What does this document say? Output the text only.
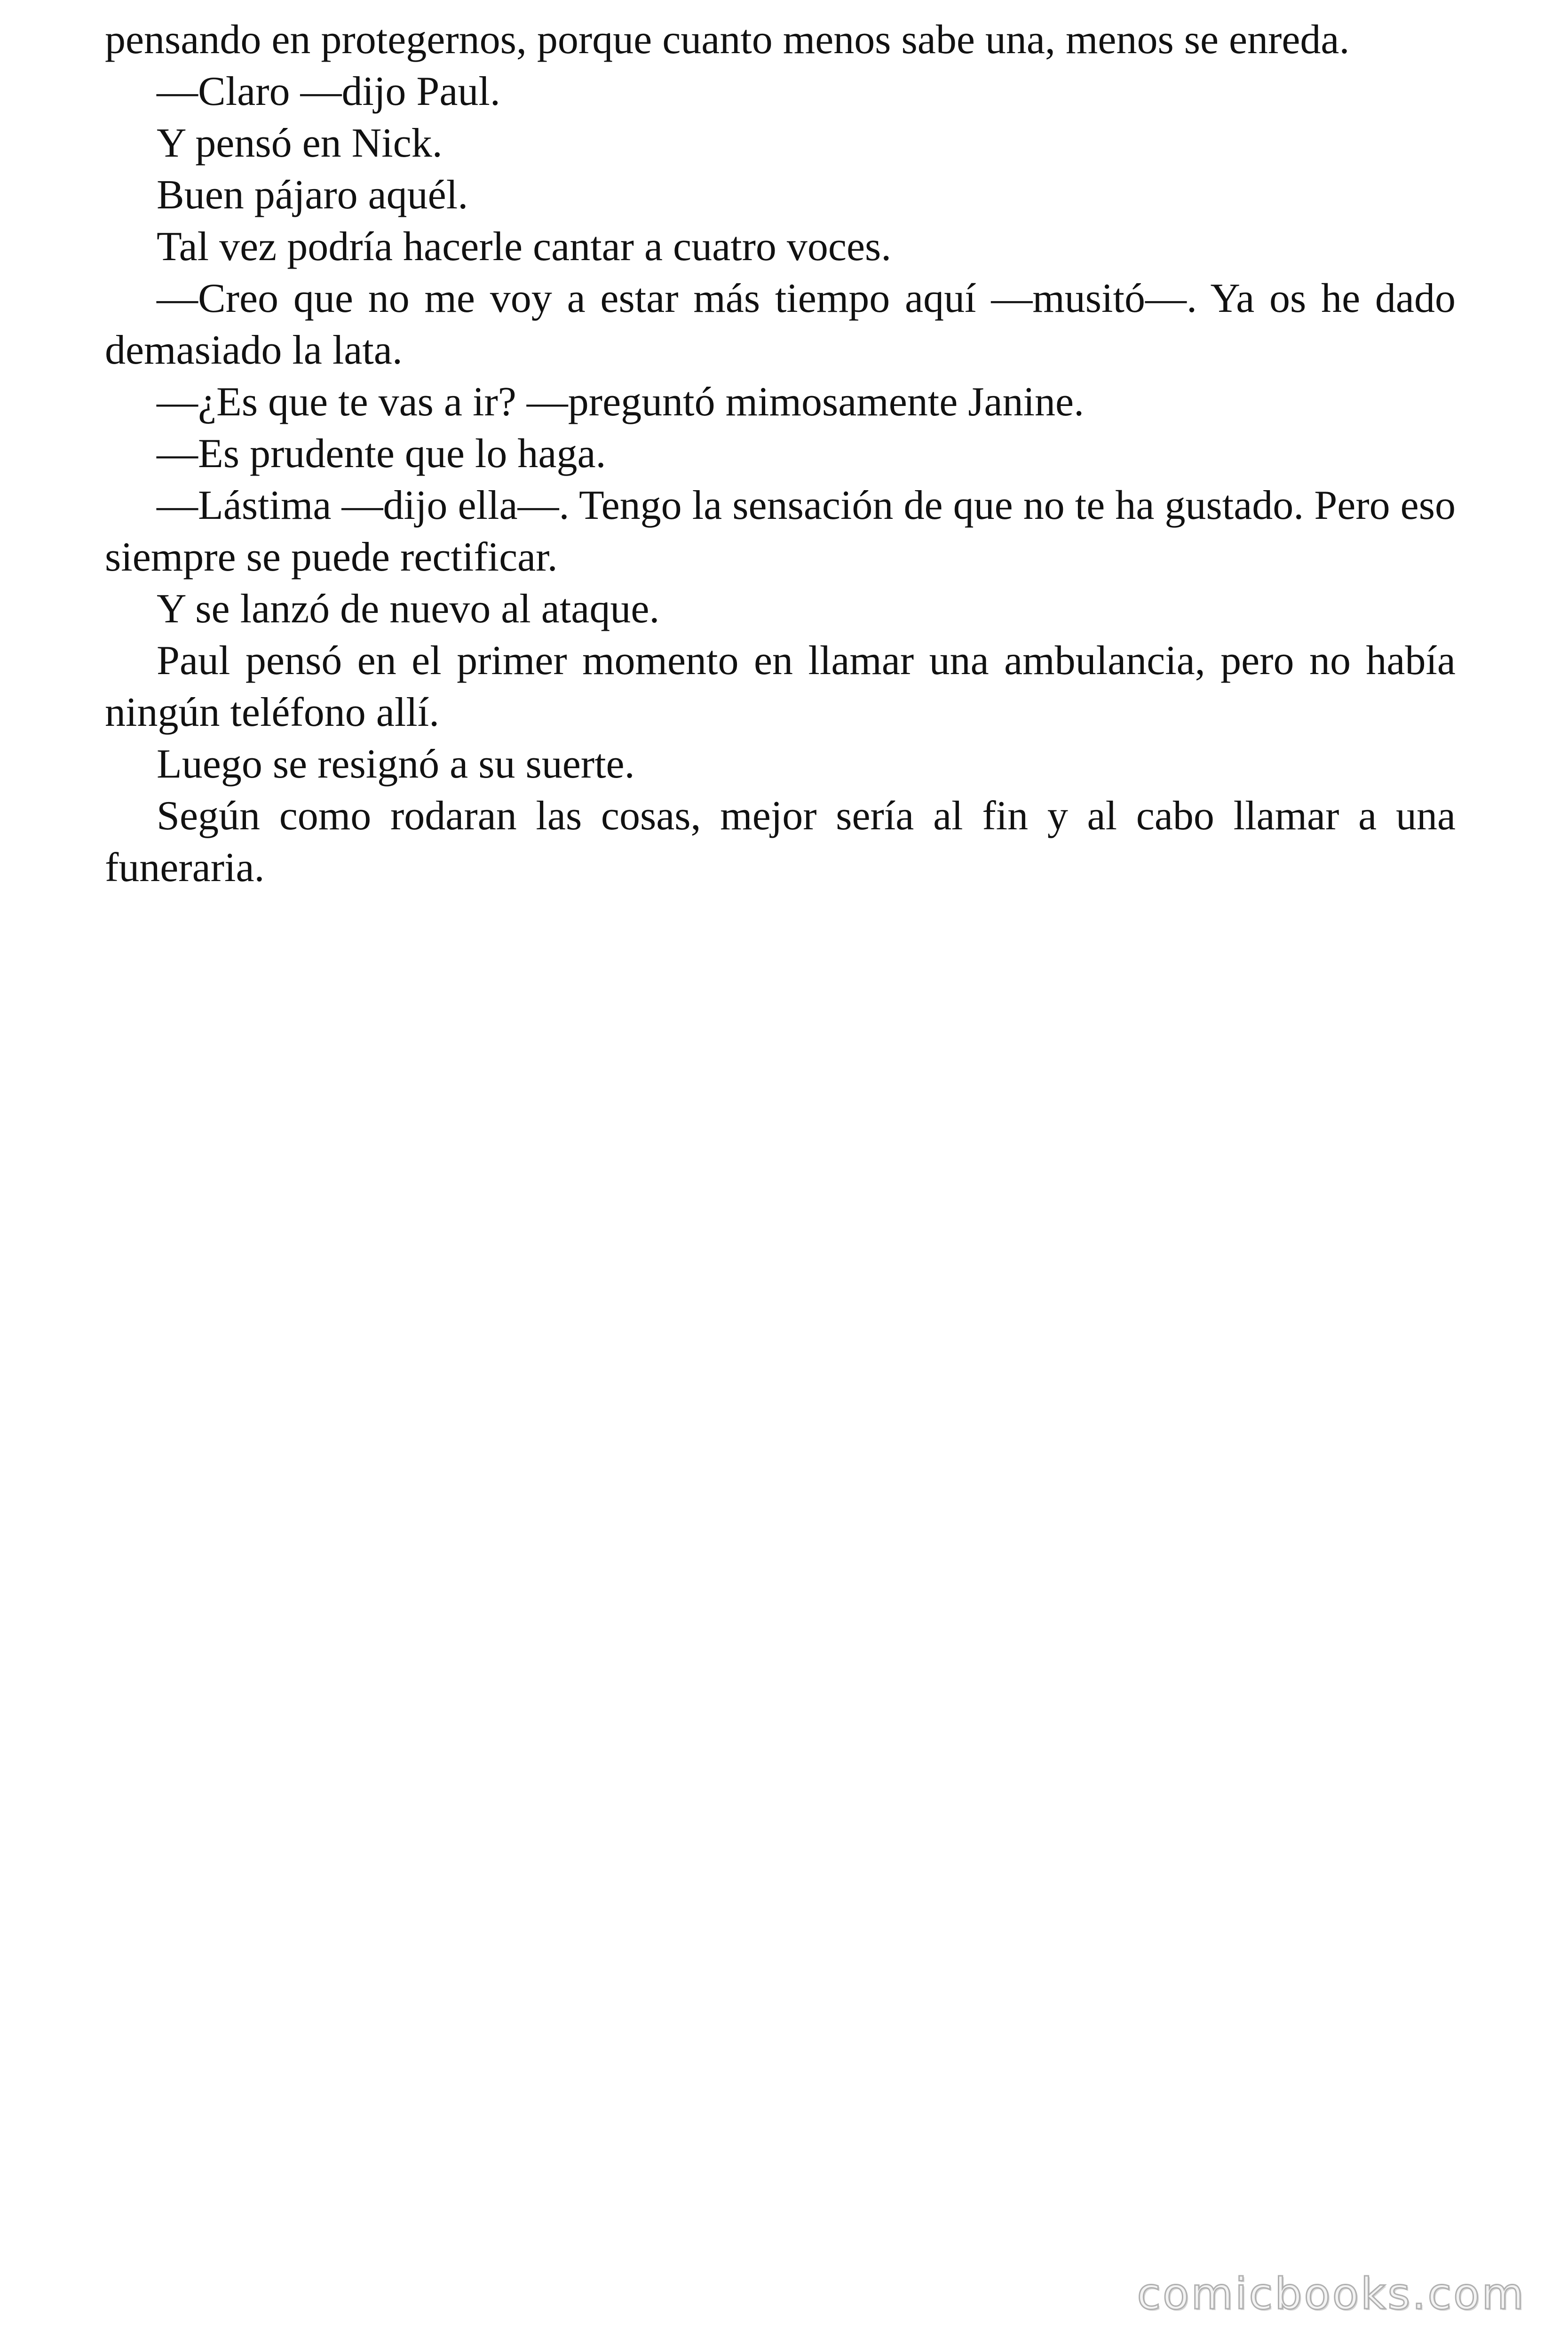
pensando en protegernos, porque cuanto menos sabe una, menos se enreda.

—Claro —dijo Paul.

Y pensó en Nick.

Buen pájaro aquél.

Tal vez podría hacerle cantar a cuatro voces.

—Creo que no me voy a estar más tiempo aquí —musitó—. Ya os he dado demasiado la lata.

—¿Es que te vas a ir? —preguntó mimosamente Janine.

—Es prudente que lo haga.

—Lástima —dijo ella—. Tengo la sensación de que no te ha gustado. Pero eso siempre se puede rectificar.

Y se lanzó de nuevo al ataque.

Paul pensó en el primer momento en llamar una ambulancia, pero no había ningún teléfono allí.

Luego se resignó a su suerte.

Según como rodaran las cosas, mejor sería al fin y al cabo llamar a una funeraria.

comicbooks.com
